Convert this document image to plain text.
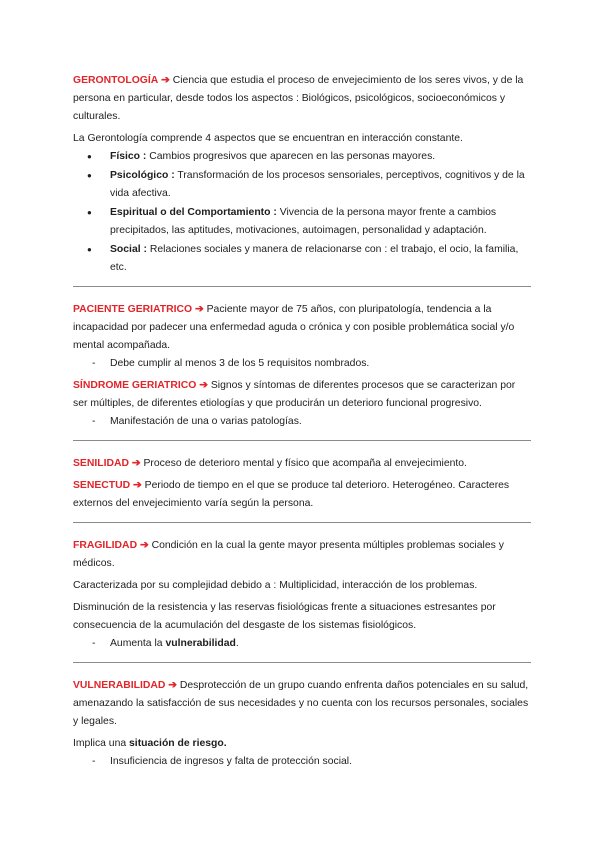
GERONTOLOGÍA ➔ Ciencia que estudia el proceso de envejecimiento de los seres vivos, y de la persona en particular, desde todos los aspectos : Biológicos, psicológicos, socioeconómicos y culturales.

La Gerontología comprende 4 aspectos que se encuentran en interacción constante.

● Físico : Cambios progresivos que aparecen en las personas mayores.
● Psicológico : Transformación de los procesos sensoriales, perceptivos, cognitivos y de la vida afectiva.
● Espiritual o del Comportamiento : Vivencia de la persona mayor frente a cambios precipitados, las aptitudes, motivaciones, autoimagen, personalidad y adaptación.
● Social : Relaciones sociales y manera de relacionarse con : el trabajo, el ocio, la familia, etc.

PACIENTE GERIATRICO ➔ Paciente mayor de 75 años, con pluripatología, tendencia a la incapacidad por padecer una enfermedad aguda o crónica y con posible problemática social y/o mental acompañada.

- Debe cumplir al menos 3 de los 5 requisitos nombrados.

SÍNDROME GERIATRICO ➔ Signos y síntomas de diferentes procesos que se caracterizan por ser múltiples, de diferentes etiologías y que producirán un deterioro funcional progresivo.

- Manifestación de una o varias patologías.

SENILIDAD ➔ Proceso de deterioro mental y físico que acompaña al envejecimiento.

SENECTUD ➔ Periodo de tiempo en el que se produce tal deterioro. Heterogéneo. Caracteres externos del envejecimiento varía según la persona.

FRAGILIDAD ➔ Condición en la cual la gente mayor presenta múltiples problemas sociales y médicos.

Caracterizada por su complejidad debido a : Multiplicidad, interacción de los problemas.

Disminución de la resistencia y las reservas fisiológicas frente a situaciones estresantes por consecuencia de la acumulación del desgaste de los sistemas fisiológicos.

- Aumenta la vulnerabilidad.

VULNERABILIDAD ➔ Desprotección de un grupo cuando enfrenta daños potenciales en su salud, amenazando la satisfacción de sus necesidades y no cuenta con los recursos personales, sociales y legales.

Implica una situación de riesgo.

- Insuficiencia de ingresos y falta de protección social.
